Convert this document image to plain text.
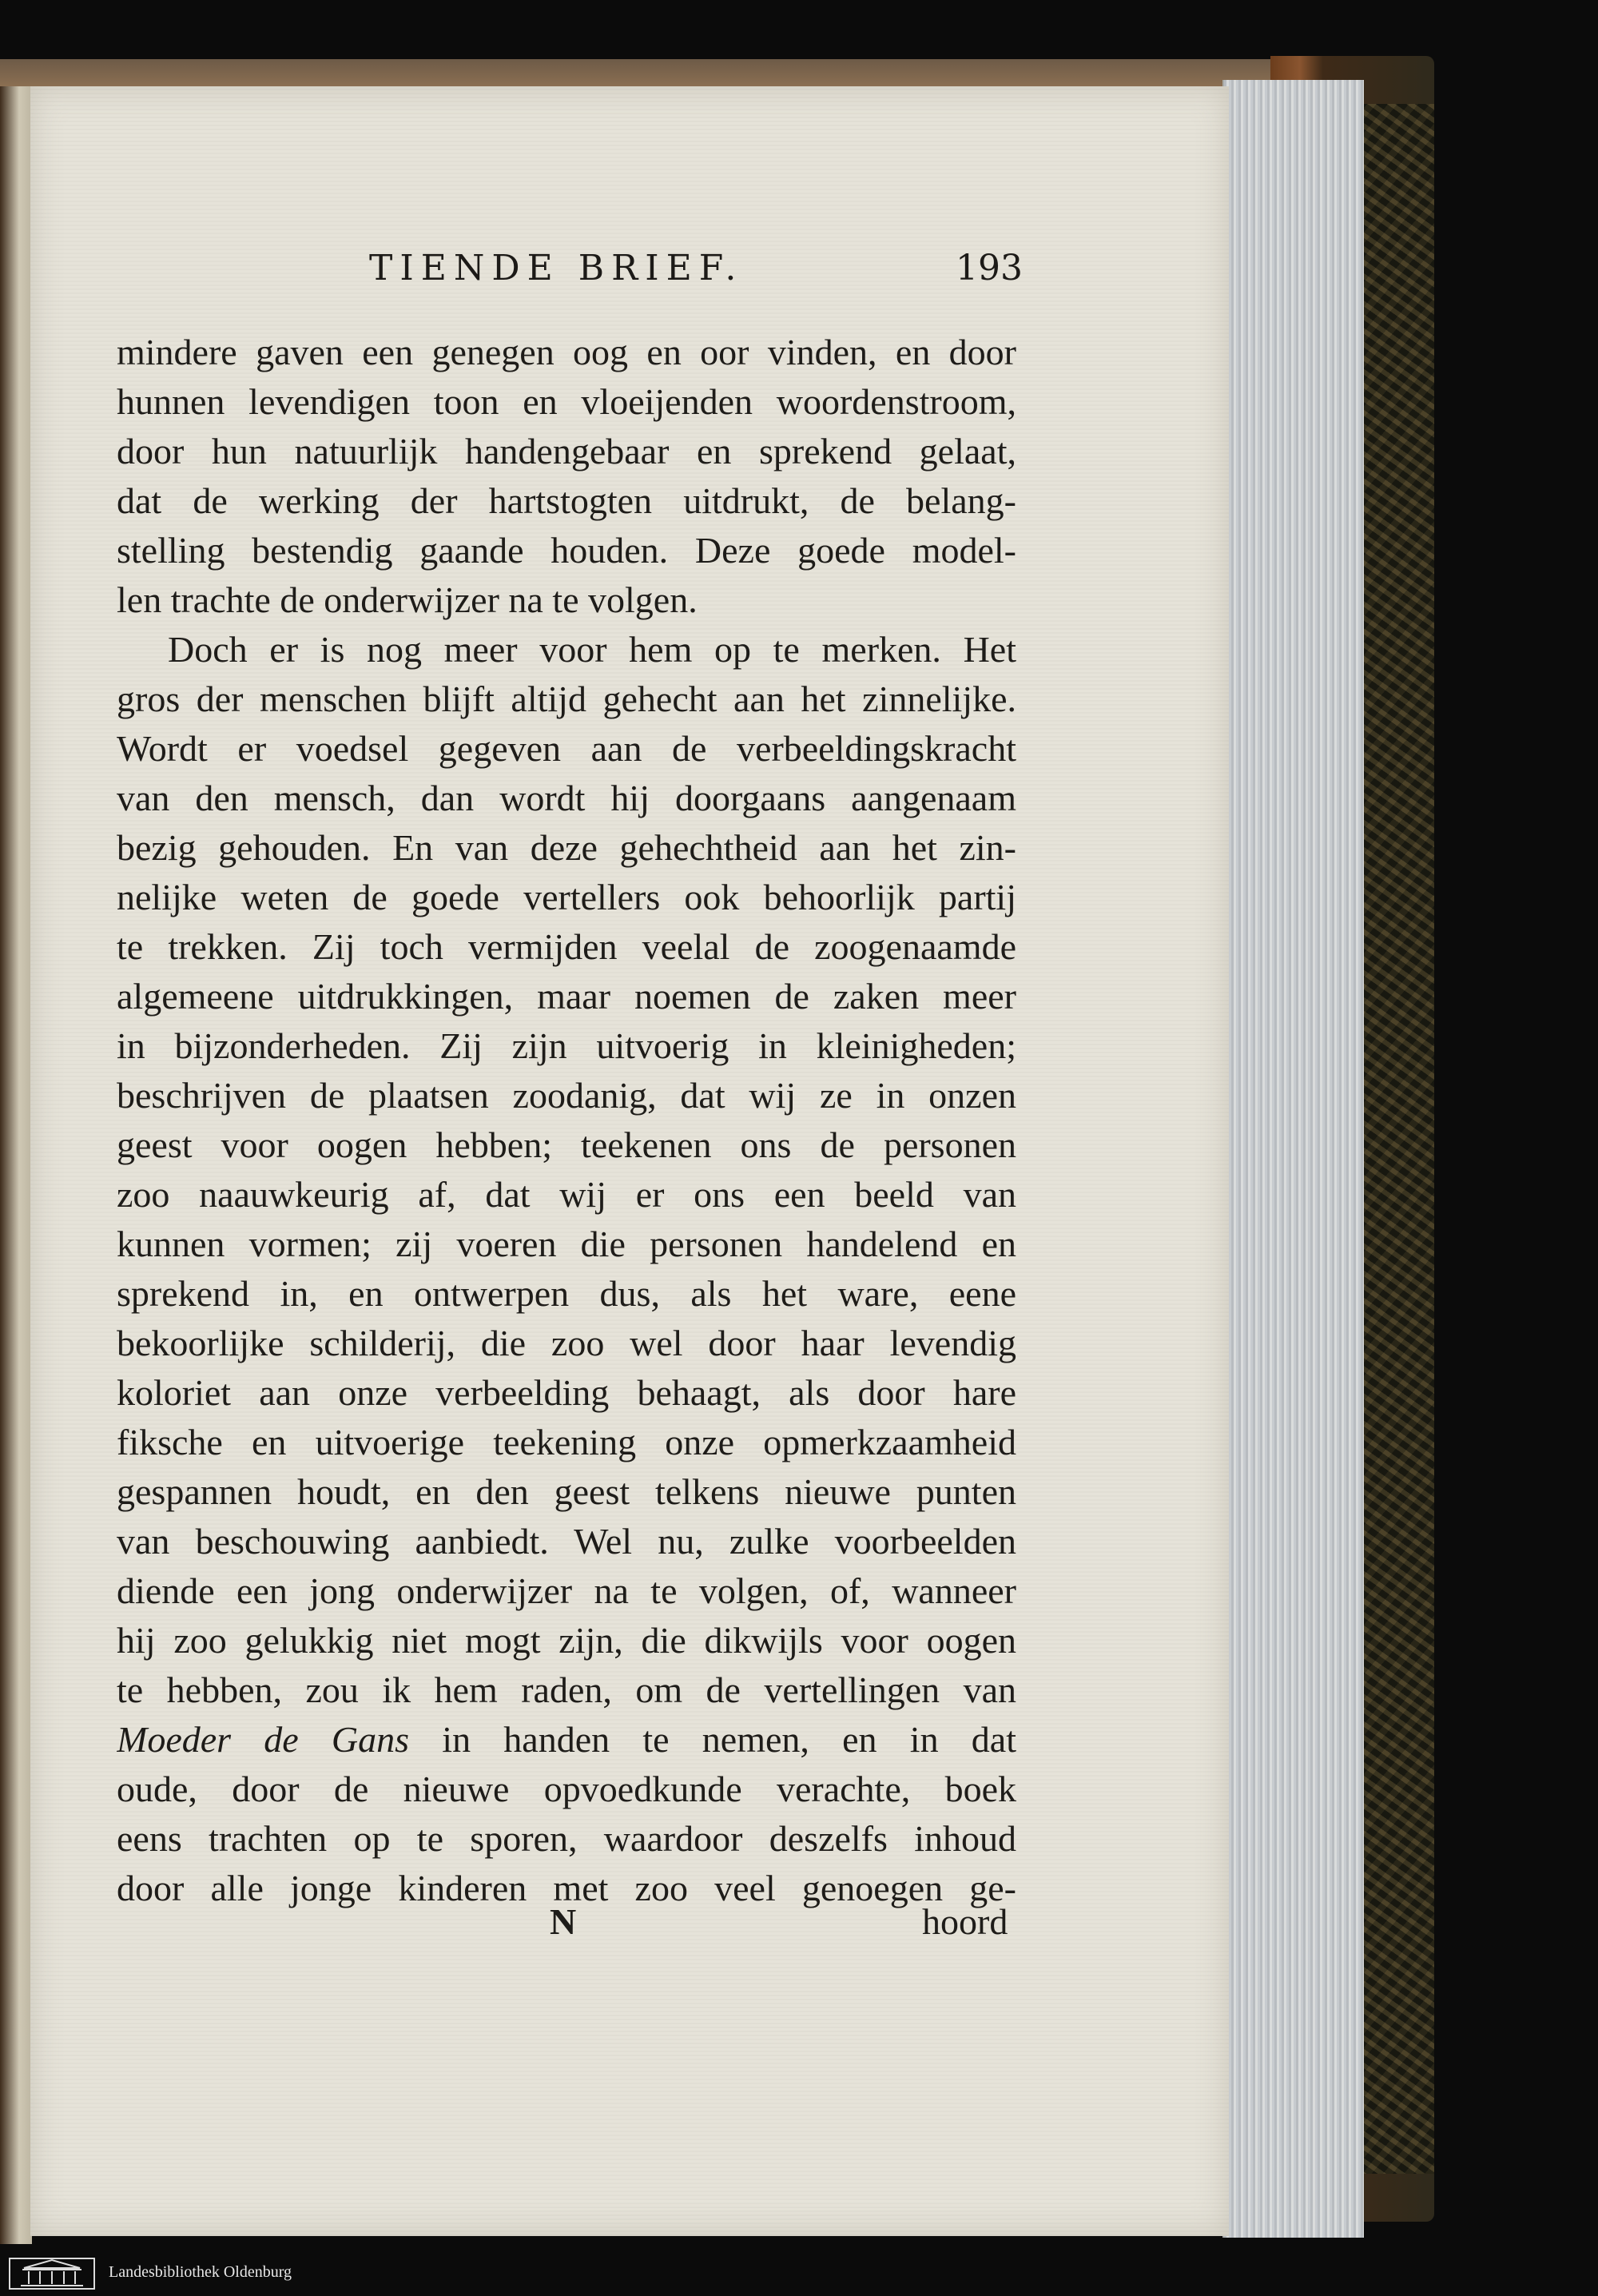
TIENDE BRIEF.	193
mindere gaven een genegen oog en oor vinden, en door
hunnen levendigen toon en vloeijenden woordenstroom,
door hun natuurlijk handengebaar en sprekend gelaat,
dat de werking der hartstogten uitdrukt, de belang-
stelling bestendig gaande houden. Deze goede model-
len trachte de onderwijzer na te volgen.
Doch er is nog meer voor hem op te merken. Het
gros der menschen blijft altijd gehecht aan het zinnelijke.
Wordt er voedsel gegeven aan de verbeeldingskracht
van den mensch, dan wordt hij doorgaans aangenaam
bezig gehouden. En van deze gehechtheid aan het zin-
nelijke weten de goede vertellers ook behoorlijk partij
te trekken. Zij toch vermijden veelal de zoogenaamde
algemeene uitdrukkingen, maar noemen de zaken meer
in bijzonderheden. Zij zijn uitvoerig in kleinigheden;
beschrijven de plaatsen zoodanig, dat wij ze in onzen
geest voor oogen hebben; teekenen ons de personen
zoo naauwkeurig af, dat wij er ons een beeld van
kunnen vormen; zij voeren die personen handelend en
sprekend in, en ontwerpen dus, als het ware, eene
bekoorlijke schilderij, die zoo wel door haar levendig
koloriet aan onze verbeelding behaagt, als door hare
fiksche en uitvoerige teekening onze opmerkzaamheid
gespannen houdt, en den geest telkens nieuwe punten
van beschouwing aanbiedt. Wel nu, zulke voorbeelden
diende een jong onderwijzer na te volgen, of, wanneer
hij zoo gelukkig niet mogt zijn, die dikwijls voor oogen
te hebben, zou ik hem raden, om de vertellingen van
Moeder de Gans in handen te nemen, en in dat
oude, door de nieuwe opvoedkunde verachte, boek
eens trachten op te sporen, waardoor deszelfs inhoud
door alle jonge kinderen met zoo veel genoegen ge-
N	hoord
Landesbibliothek Oldenburg
